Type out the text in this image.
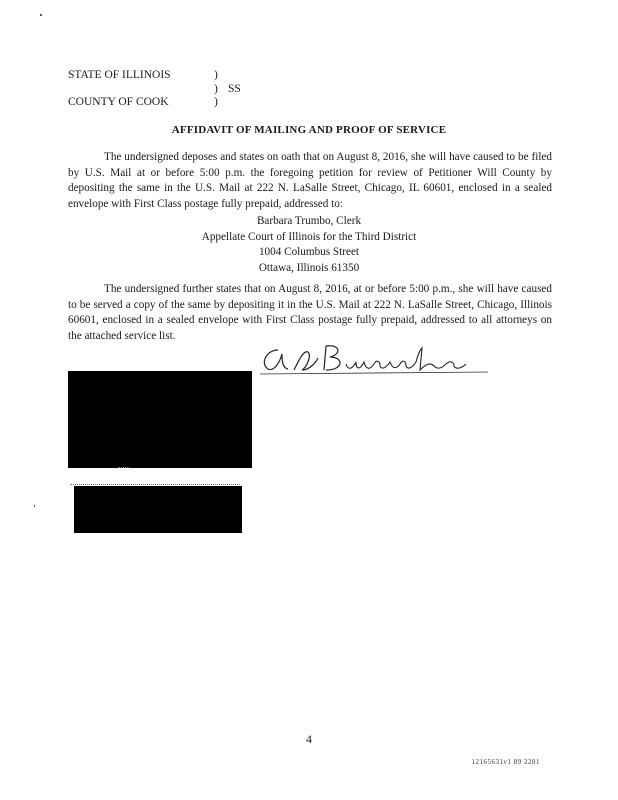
STATE OF ILLINOIS	)
) SS
COUNTY OF COOK	)
AFFIDAVIT OF MAILING AND PROOF OF SERVICE

The undersigned deposes and states on oath that on August 8, 2016, she will have caused to be filed by U.S. Mail at or before 5:00 p.m. the foregoing petition for review of Petitioner Will County by depositing the same in the U.S. Mail at 222 N. LaSalle Street, Chicago, IL 60601, enclosed in a sealed envelope with First Class postage fully prepaid, addressed to:

Barbara Trumbo, Clerk
Appellate Court of Illinois for the Third District
1004 Columbus Street
Ottawa, Illinois 61350

The undersigned further states that on August 8, 2016, at or before 5:00 p.m., she will have caused to be served a copy of the same by depositing it in the U.S. Mail at 222 N. LaSalle Street, Chicago, Illinois 60601, enclosed in a sealed envelope with First Class postage fully prepaid, addressed to all attorneys on the attached service list.

4
12165631v1 89 2281
